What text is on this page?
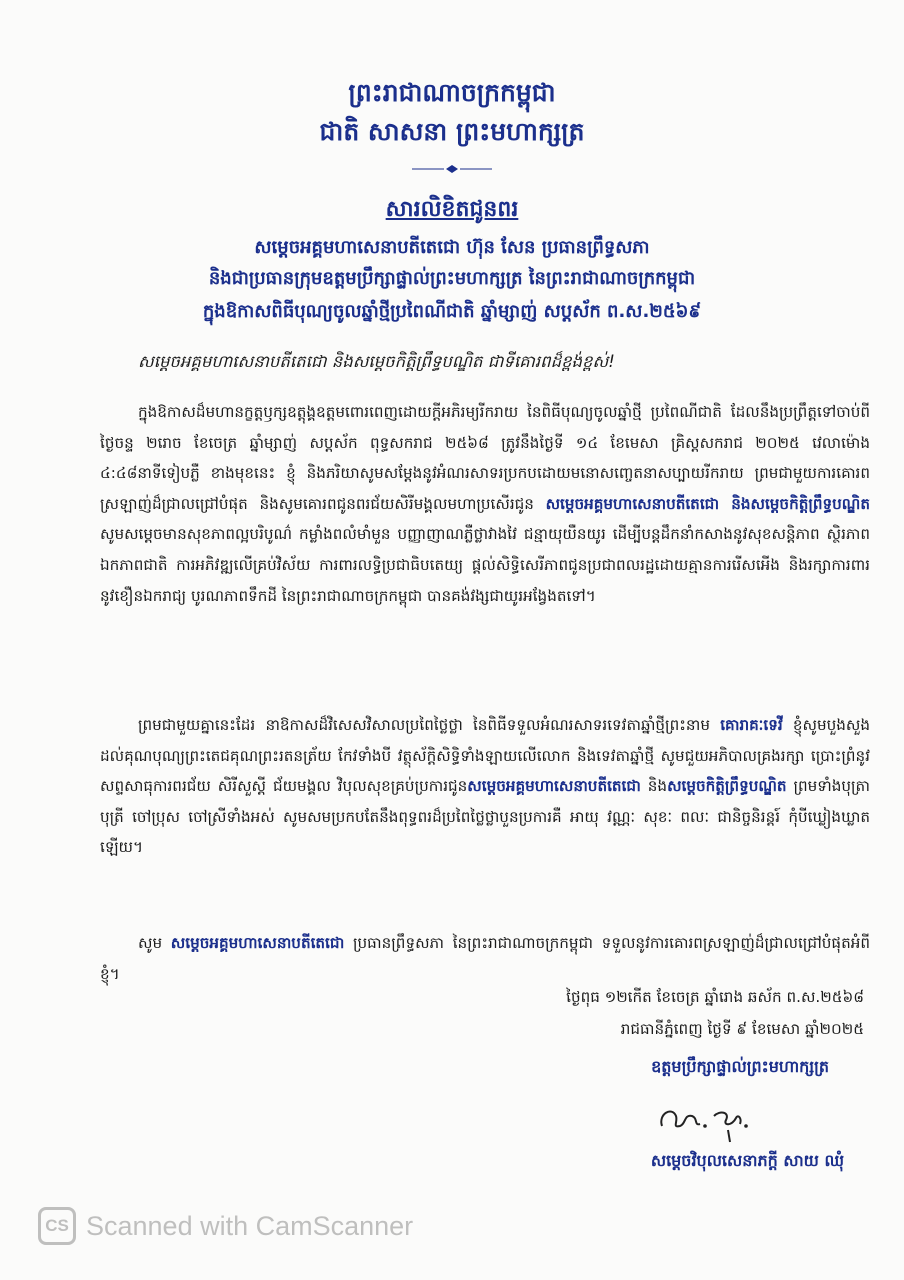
ព្រះរាជាណាចក្រកម្ពុជា

ជាតិ សាសនា ព្រះមហាក្សត្រ

សារលិខិតជូនពរ

សម្តេចអគ្គមហាសេនាបតីតេជោ ហ៊ុន សែន ប្រធានព្រឹទ្ធសភា

និងជាប្រធានក្រុមឧត្តមប្រឹក្សាផ្ទាល់ព្រះមហាក្សត្រ នៃព្រះរាជាណាចក្រកម្ពុជា

ក្នុងឱកាសពិធីបុណ្យចូលឆ្នាំថ្មីប្រពៃណីជាតិ ឆ្នាំម្សាញ់ សប្តស័ក ព.ស.២៥៦៩

សម្តេចអគ្គមហាសេនាបតីតេជោ និងសម្តេចកិត្តិព្រឹទ្ធបណ្ឌិត ជាទីគោរពដ៏ខ្ពង់ខ្ពស់!

ក្នុងឱកាសដ៏មហានក្ខត្តឫក្សឧត្តុង្គឧត្តមពោរពេញដោយក្តីអភិរម្យរីករាយ នៃពិធីបុណ្យចូលឆ្នាំថ្មី ប្រពៃណីជាតិ ដែលនឹងប្រព្រឹត្តទៅចាប់ពីថ្ងៃចន្ទ ២រោច ខែចេត្រ ឆ្នាំម្សាញ់ សប្តស័ក ពុទ្ធសករាជ ២៥៦៨ ត្រូវនឹងថ្ងៃទី ១៤ ខែមេសា គ្រិស្តសករាជ ២០២៥ វេលាម៉ោង ៤:៤៨នាទីទៀបភ្លឺ ខាងមុខនេះ ខ្ញុំ និងភរិយាសូមសម្តែងនូវអំណរសាទរប្រកបដោយមនោសញ្ចេតនាសប្បាយរីករាយ ព្រមជាមួយការគោរពស្រឡាញ់ដ៏ជ្រាលជ្រៅបំផុត និងសូមគោរពជូនពរជ័យសិរីមង្គលមហាប្រសើរជូន សម្តេចអគ្គមហាសេនាបតីតេជោ និងសម្តេចកិត្តិព្រឹទ្ធបណ្ឌិត សូមសម្តេចមានសុខភាពល្អបរិបូណ៌ កម្លាំងពលំមាំមួន បញ្ញាញាណភ្លឺថ្លាវាងវៃ ជន្មាយុយឺនយូរ ដើម្បីបន្តដឹកនាំកសាងនូវសុខសន្តិភាព ស្ថិរភាព ឯកភាពជាតិ ការអភិវឌ្ឍលើគ្រប់វិស័យ ការពារលទ្ធិប្រជាធិបតេយ្យ ផ្តល់សិទ្ធិសេរីភាពជូនប្រជាពលរដ្ឋដោយគ្មានការរើសអើង និងរក្សាការពារនូវខឿនឯករាជ្យ បូរណភាពទឹកដី នៃព្រះរាជាណាចក្រកម្ពុជា បានគង់វង្សជាយូរអង្វែងតទៅ។

ព្រមជាមួយគ្នានេះដែរ នាឱកាសដ៏វិសេសវិសាលប្រពៃថ្លៃថ្លា នៃពិធីទទួលអំណរសាទរទេវតាឆ្នាំថ្មីព្រះនាម គោរាគៈទេវី ខ្ញុំសូមបួងសួងដល់គុណបុណ្យព្រះតេជគុណព្រះរតនត្រ័យ កែវទាំងបី វត្ថុស័ក្តិសិទ្ធិទាំងឡាយលើលោក និងទេវតាឆ្នាំថ្មី សូមជួយអភិបាលគ្រងរក្សា ប្រោះព្រំនូវសព្ទសាធុការពរជ័យ សិរីសួស្តី ជ័យមង្គល វិបុលសុខគ្រប់ប្រការជូនសម្តេចអគ្គមហាសេនាបតីតេជោ និងសម្តេចកិត្តិព្រឹទ្ធបណ្ឌិត ព្រមទាំងបុត្រា បុត្រី ចៅប្រុស ចៅស្រីទាំងអស់ សូមសមប្រកបតែនឹងពុទ្ធពរដ៏ប្រពៃថ្លៃថ្លាបួនប្រការគឺ អាយុ វណ្ណៈ សុខៈ ពលៈ ជានិច្ចនិរន្តរ៍ កុំបីឃ្លៀងឃ្លាតឡើយ។

សូម សម្តេចអគ្គមហាសេនាបតីតេជោ ប្រធានព្រឹទ្ធសភា នៃព្រះរាជាណាចក្រកម្ពុជា ទទួលនូវការគោរពស្រឡាញ់ដ៏ជ្រាលជ្រៅបំផុតអំពីខ្ញុំ។

ថ្ងៃពុធ ១២កើត ខែចេត្រ ឆ្នាំរោង ឆស័ក ព.ស.២៥៦៨

រាជធានីភ្នំពេញ ថ្ងៃទី ៩ ខែមេសា ឆ្នាំ២០២៥

ឧត្តមប្រឹក្សាផ្ទាល់ព្រះមហាក្សត្រ

សម្តេចវិបុលសេនាភក្តី សាយ ឈុំ

CS Scanned with CamScanner
